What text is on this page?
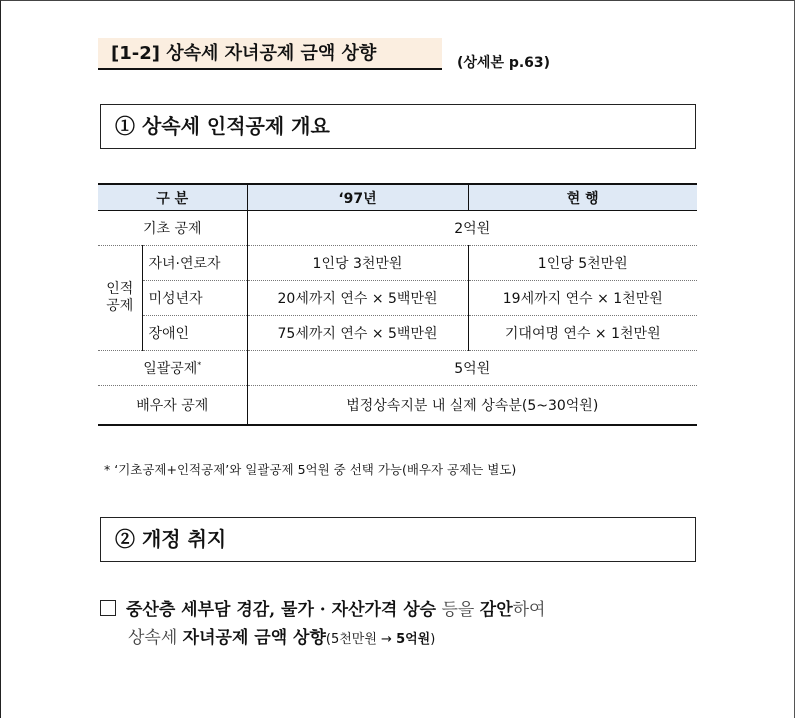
[1-2] 상속세 자녀공제 금액 상향	(상세본 p.63)
① 상속세 인적공제 개요
구 분		‘97년	현 행
기초 공제		2억원	
인적
공제	자녀·연로자	1인당 3천만원	1인당 5천만원
	미성년자	20세까지 연수 × 5백만원	19세까지 연수 × 1천만원
	장애인	75세까지 연수 × 5백만원	기대여명 연수 × 1천만원
일괄공제*		5억원	
배우자 공제		법정상속지분 내 실제 상속분(5~30억원)	
* ‘기초공제+인적공제’와 일괄공제 5억원 중 선택 가능(배우자 공제는 별도)
② 개정 취지
중산층 세부담 경감, 물가 · 자산가격 상승 등을 감안하여
상속세 자녀공제 금액 상향(5천만원 → 5억원)
